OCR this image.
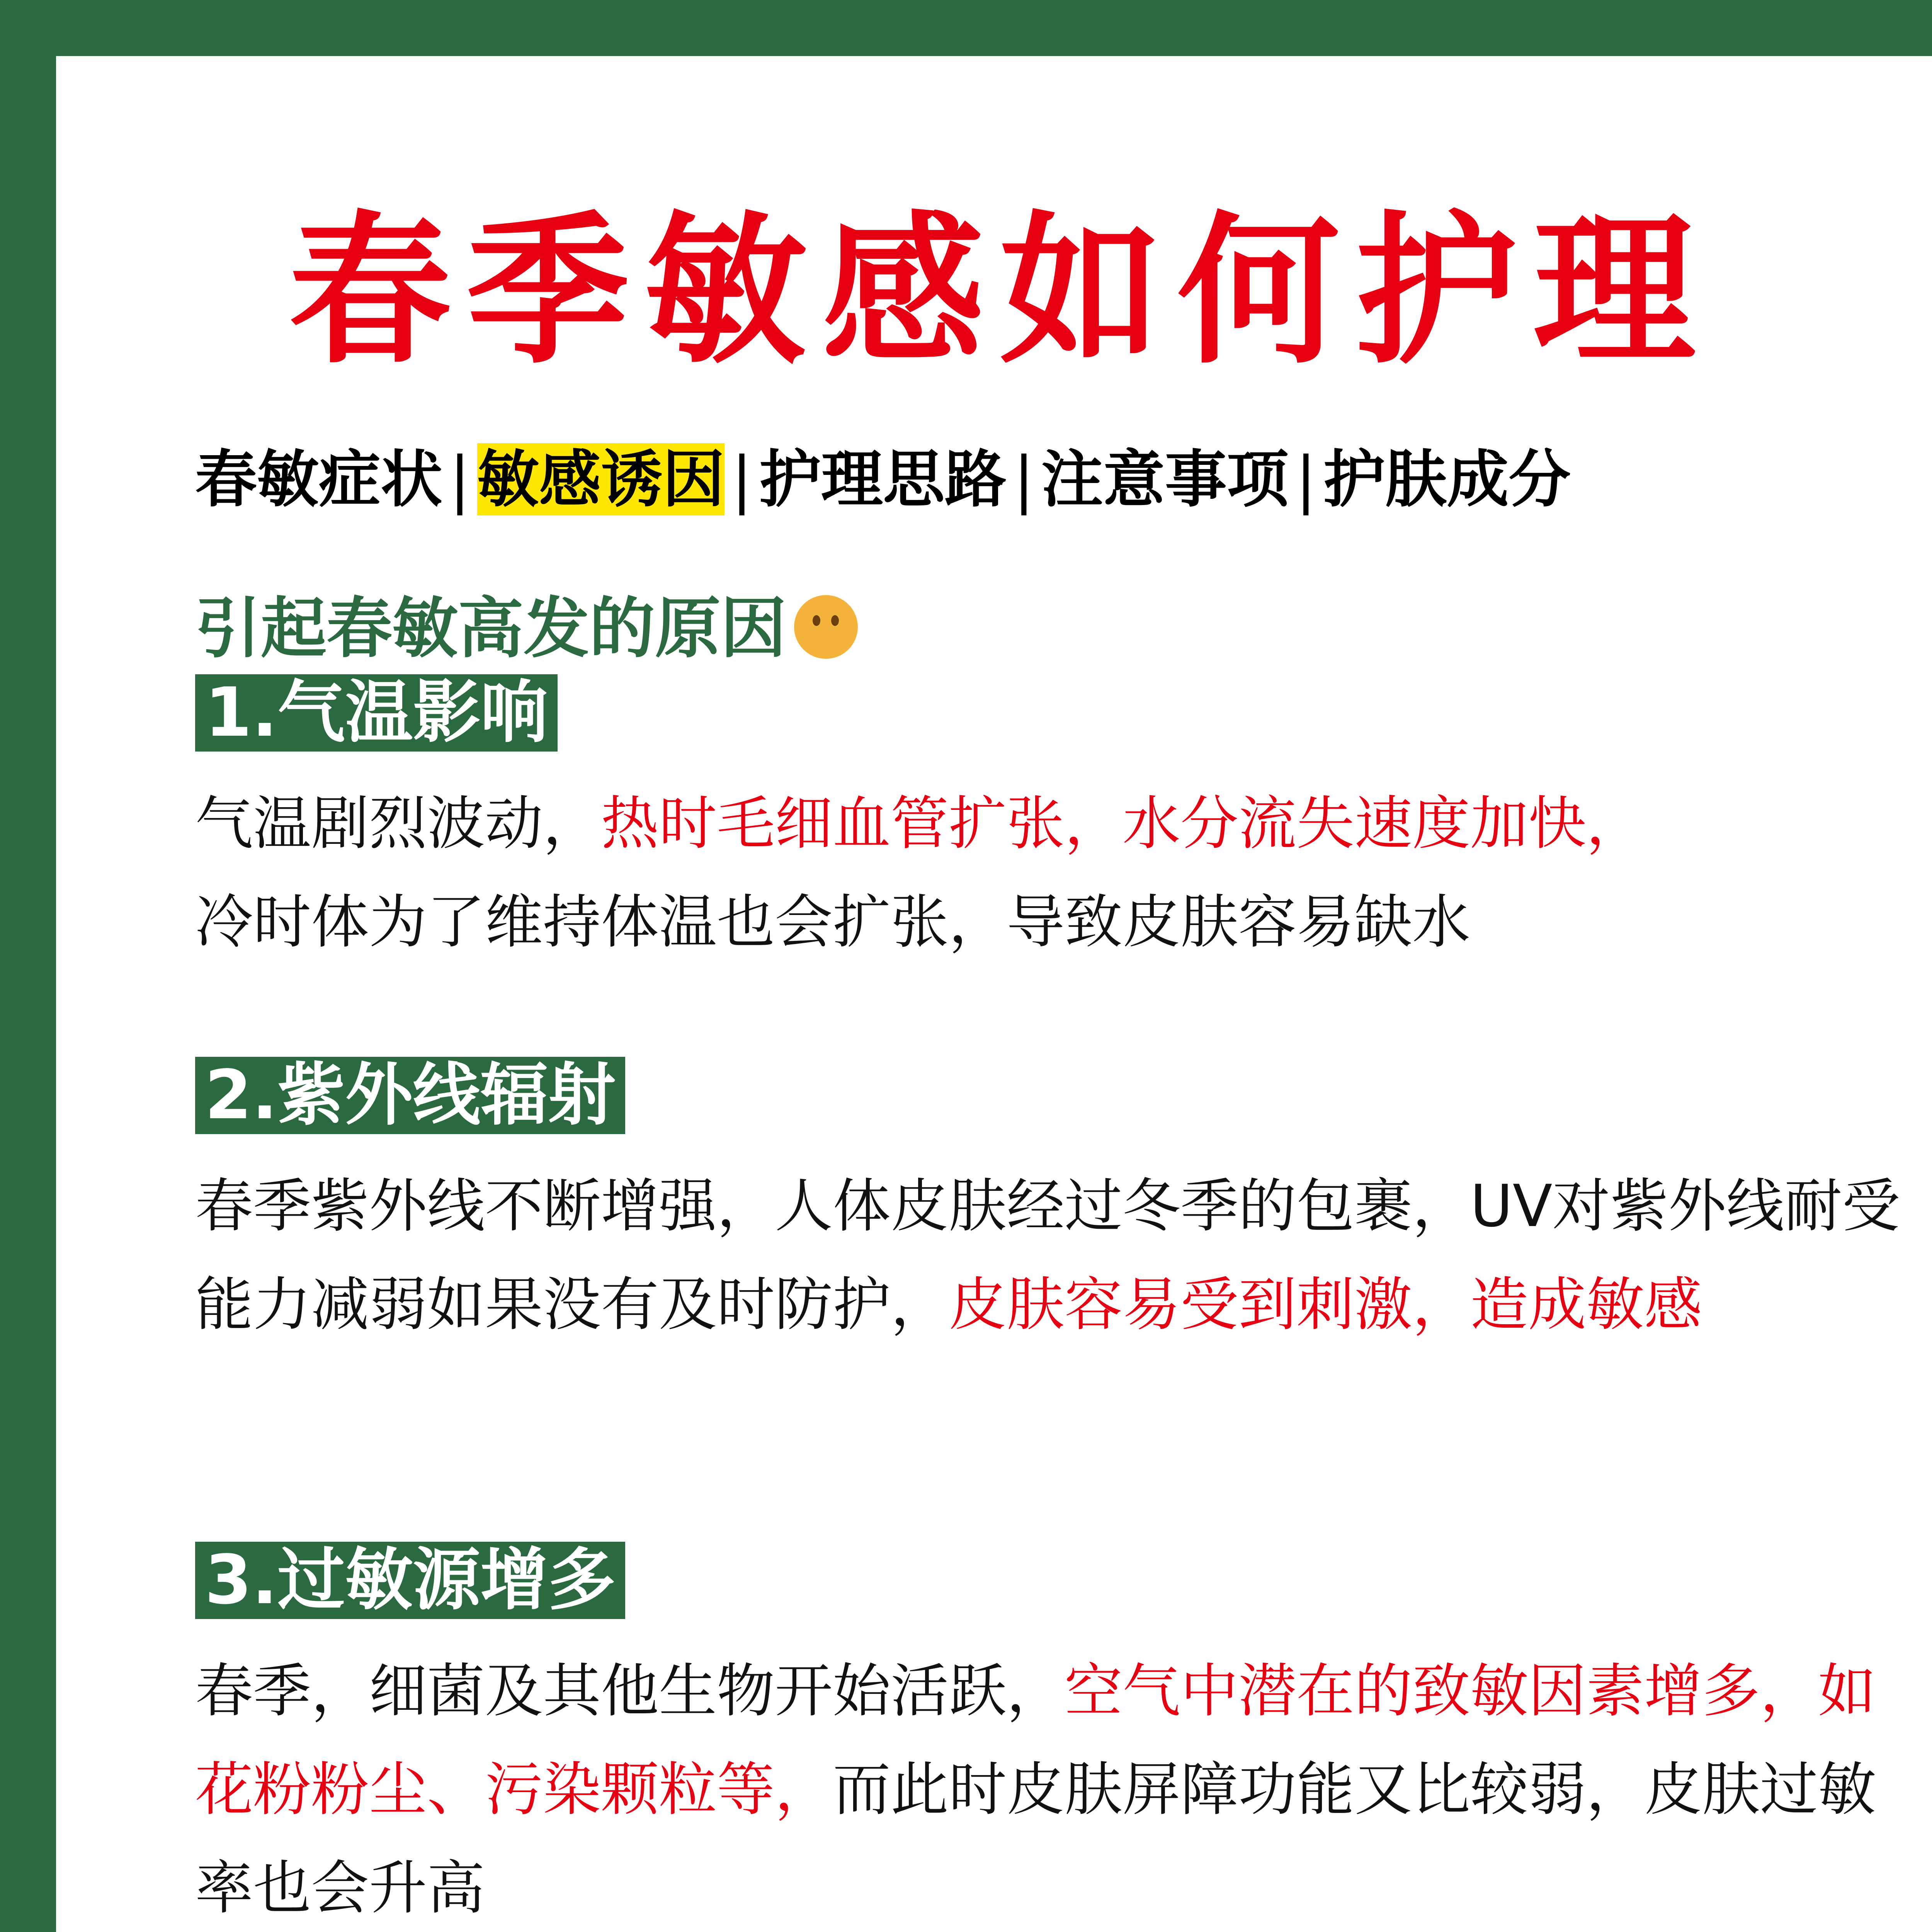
春季敏感如何护理
春敏症状 | 敏感诱因 | 护理思路 | 注意事项 | 护肤成分
引起春敏高发的原因
1.气温影响
气温剧烈波动，热时毛细血管扩张，水分流失速度加快，
冷时体为了维持体温也会扩张，导致皮肤容易缺水
2.紫外线辐射
春季紫外线不断增强，人体皮肤经过冬季的包裹，UV对紫外线耐受能力减弱如果没有及时防护，皮肤容易受到刺激，造成敏感
3.过敏源增多
春季，细菌及其他生物开始活跃，空气中潜在的致敏因素增多，如花粉粉尘、污染颗粒等，而此时皮肤屏障功能又比较弱，皮肤过敏率也会升高
